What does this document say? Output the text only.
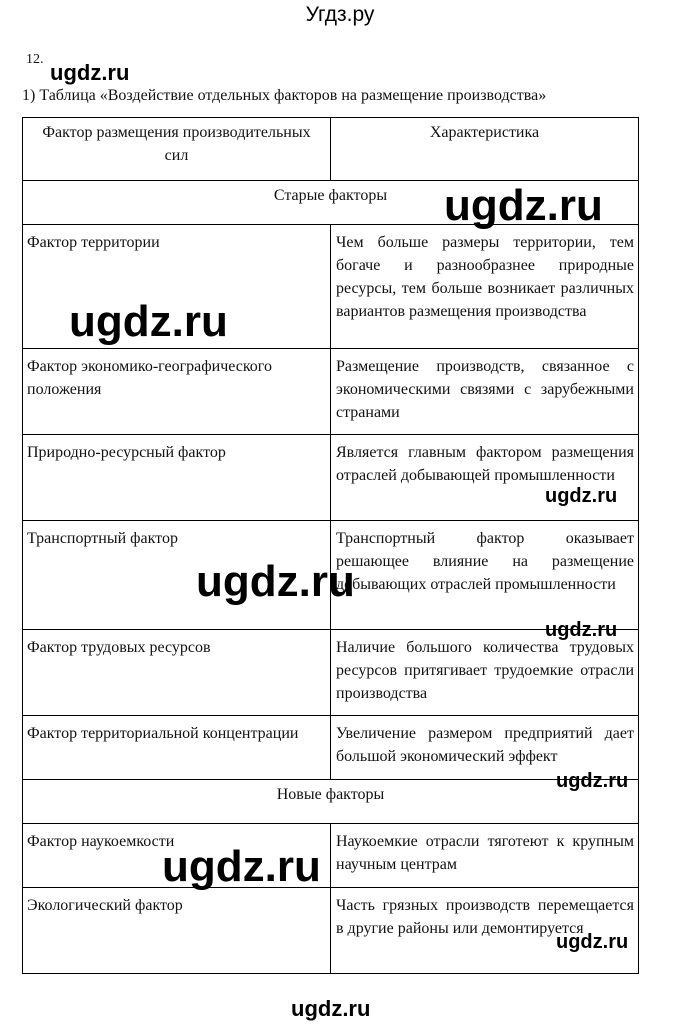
Угдз.ру
12.
1) Таблица «Воздействие отдельных факторов на размещение производства»
Фактор размещения производительных сил	Характеристика
Старые факторы	
Фактор территории	Чем больше размеры территории, тем богаче и разнообразнее природные ресурсы, тем больше возникает различных вариантов размещения производства
Фактор экономико-географического положения	Размещение производств, связанное с экономическими связями с зарубежными странами
Природно-ресурсный фактор	Является главным фактором размещения отраслей добывающей промышленности
Транспортный фактор	Транспортный фактор оказывает решающее влияние на размещение добывающих отраслей промышленности
Фактор трудовых ресурсов	Наличие большого количества трудовых ресурсов притягивает трудоемкие отрасли производства
Фактор территориальной концентрации	Увеличение размером предприятий дает большой экономический эффект
Новые факторы	
Фактор наукоемкости	Наукоемкие отрасли тяготеют к крупным научным центрам
Экологический фактор	Часть грязных производств перемещается в другие районы или демонтируется
ugdz.ru
ugdz.ru
ugdz.ru
ugdz.ru
ugdz.ru
ugdz.ru
ugdz.ru
ugdz.ru
ugdz.ru
ugdz.ru
